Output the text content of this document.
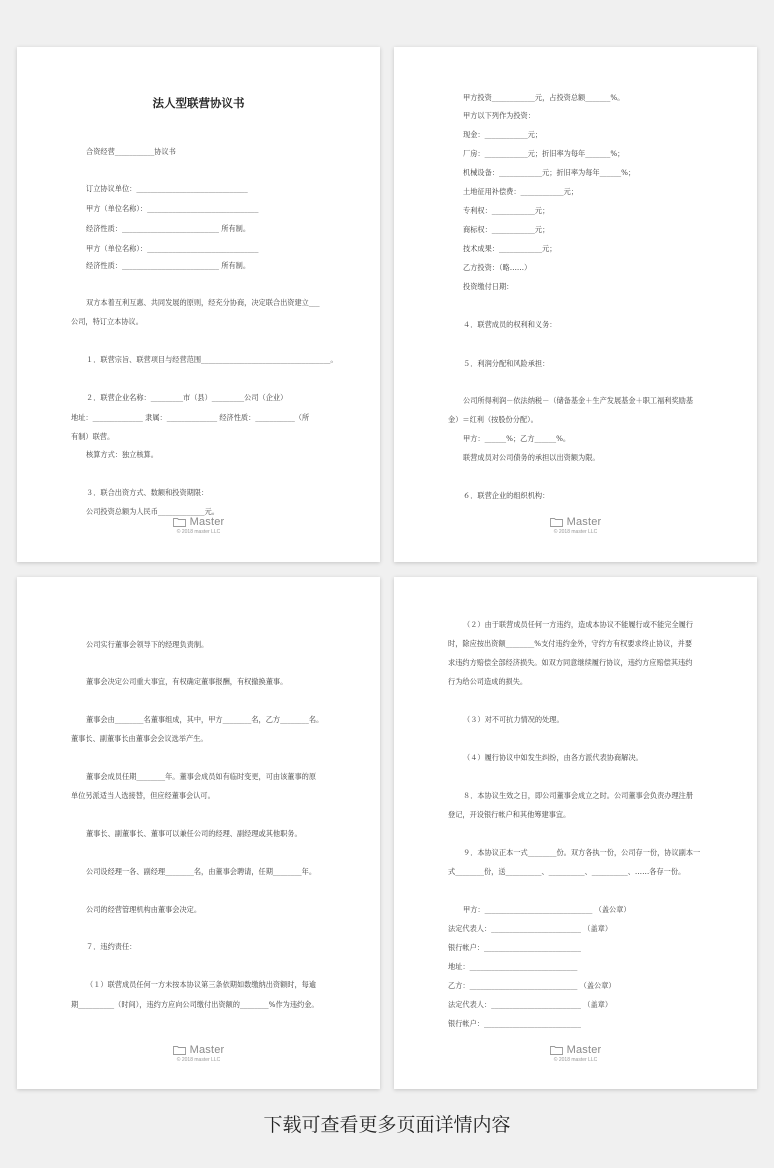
法人型联营协议书
合资经营___________协议书
订立协议单位：_______________________________
甲方（单位名称）：_______________________________
经济性质：___________________________ 所有制。
甲方（单位名称）：_______________________________
经济性质：___________________________ 所有制。
双方本着互利互惠、共同发展的原则，经充分协商，决定联合出资建立___
公司，特订立本协议。
１．联营宗旨、联营项目与经营范围____________________________________。
２．联营企业名称：_________市（县）_________公司（企业）
地址：______________ 隶属：______________ 经济性质：___________（所
有制）联营。
核算方式：独立核算。
３．联合出资方式、数额和投资期限：
公司投资总额为人民币_____________元。
Master
© 2018 master LLC
甲方投资____________元，占投资总额_______%。
甲方以下列作为投资：
现金：____________元；
厂房：____________元；折旧率为每年_______%；
机械设备：____________元；折旧率为每年______%；
土地征用补偿费：____________元；
专利权：____________元；
商标权：____________元；
技术成果：____________元；
乙方投资：（略……）
投资缴付日期：
４．联营成员的权利和义务：
５．利润分配和风险承担：
公司所得利润－依法纳税－（储备基金＋生产发展基金＋职工福利奖励基
金）＝红利（按股份分配）。
甲方：______%；乙方______%。
联营成员对公司债务的承担以出资额为限。
６．联营企业的组织机构：
Master
© 2018 master LLC
公司实行董事会领导下的经理负责制。
董事会决定公司重大事宜，有权确定董事报酬，有权撤换董事。
董事会由________名董事组成，其中，甲方________名，乙方________名。
董事长、副董事长由董事会会议选举产生。
董事会成员任期________年。董事会成员如有临时变更，可由该董事的原
单位另派适当人选接替，但应经董事会认可。
董事长、副董事长、董事可以兼任公司的经理、副经理或其他职务。
公司设经理一各、副经理________名，由董事会聘请，任期________年。
公司的经营管理机构由董事会决定。
７．违约责任：
（１）联营成员任何一方未按本协议第三条依期如数缴纳出资额时，每逾
期__________（时间），违约方应向公司缴付出资额的________%作为违约金。
Master
© 2018 master LLC
（２）由于联营成员任何一方违约，造成本协议不能履行或不能完全履行
时，除应按出资额________%支付违约金外，守约方有权要求终止协议，并要
求违约方赔偿全部经济损失。如双方同意继续履行协议，违约方应赔偿其违约
行为给公司造成的损失。
（３）对不可抗力情况的处理。
（４）履行协议中如发生纠纷，由各方派代表协商解决。
８．本协议生效之日，即公司董事会成立之时。公司董事会负责办理注册
登记，开设银行帐户和其他筹建事宜。
９．本协议正本一式________份。双方各执一份，公司存一份，协议副本一
式________份，送__________、__________、__________、……各存一份。
甲方：______________________________ （盖公章）
法定代表人：_________________________ （盖章）
银行帐户：___________________________
地址：______________________________
乙方：______________________________ （盖公章）
法定代表人：_________________________ （盖章）
银行帐户：___________________________
Master
© 2018 master LLC
下载可查看更多页面详情内容
